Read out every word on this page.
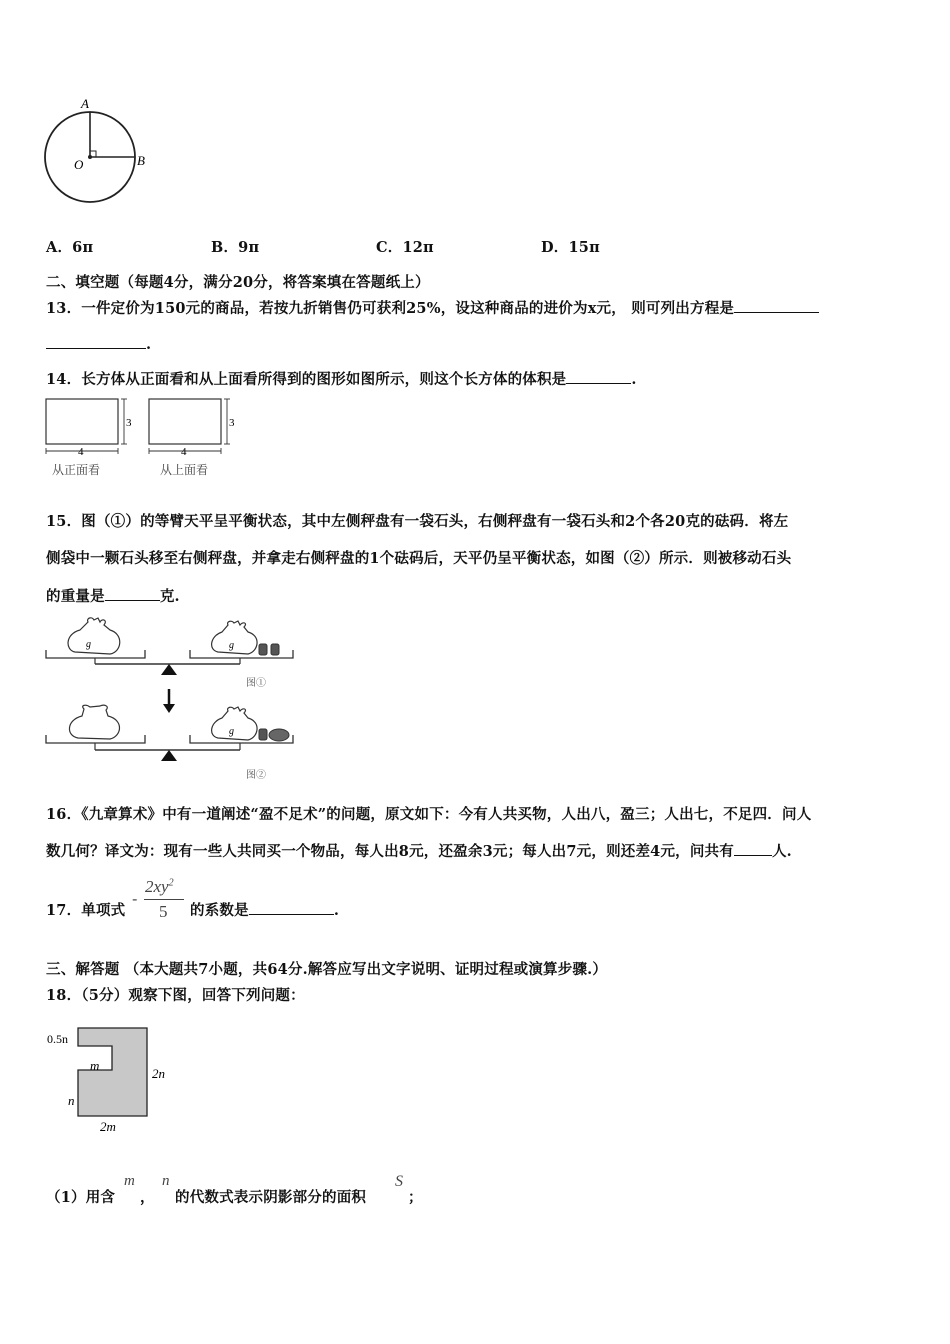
A
O	B
A．6π	B．9π	C．12π	D．15π
二、填空题（每题4分，满分20分，将答案填在答题纸上）
13．一件定价为150元的商品，若按九折销售仍可获利25%，设这种商品的进价为x元， 则可列出方程是
.
14．长方体从正面看和从上面看所得到的图形如图所示，则这个长方体的体积是	.
3
4
从正面看
3
4
从上面看
15．图（①）的等臂天平呈平衡状态，其中左侧秤盘有一袋石头，右侧秤盘有一袋石头和2个各20克的砝码．将左
侧袋中一颗石头移至右侧秤盘，并拿走右侧秤盘的1个砝码后，天平仍呈平衡状态，如图（②）所示．则被移动石头
的重量是	克.
g	g
图①
g
图②
16．《九章算术》中有一道阐述“盈不足术”的问题，原文如下：今有人共买物，人出八，盈三；人出七，不足四．问人
数几何？译文为：现有一些人共同买一个物品，每人出8元，还盈余3元；每人出7元，则还差4元，问共有	人.
17．单项式
-
$2xy^2$
5 的系数是	.
三、解答题 （本大题共7小题，共64分.解答应写出文字说明、证明过程或演算步骤.）
18．（5分）观察下图，回答下列问题：
0.5n
m
2n
n
2m
（1）用含
m
，
n
的代数式表示阴影部分的面积
S
；
